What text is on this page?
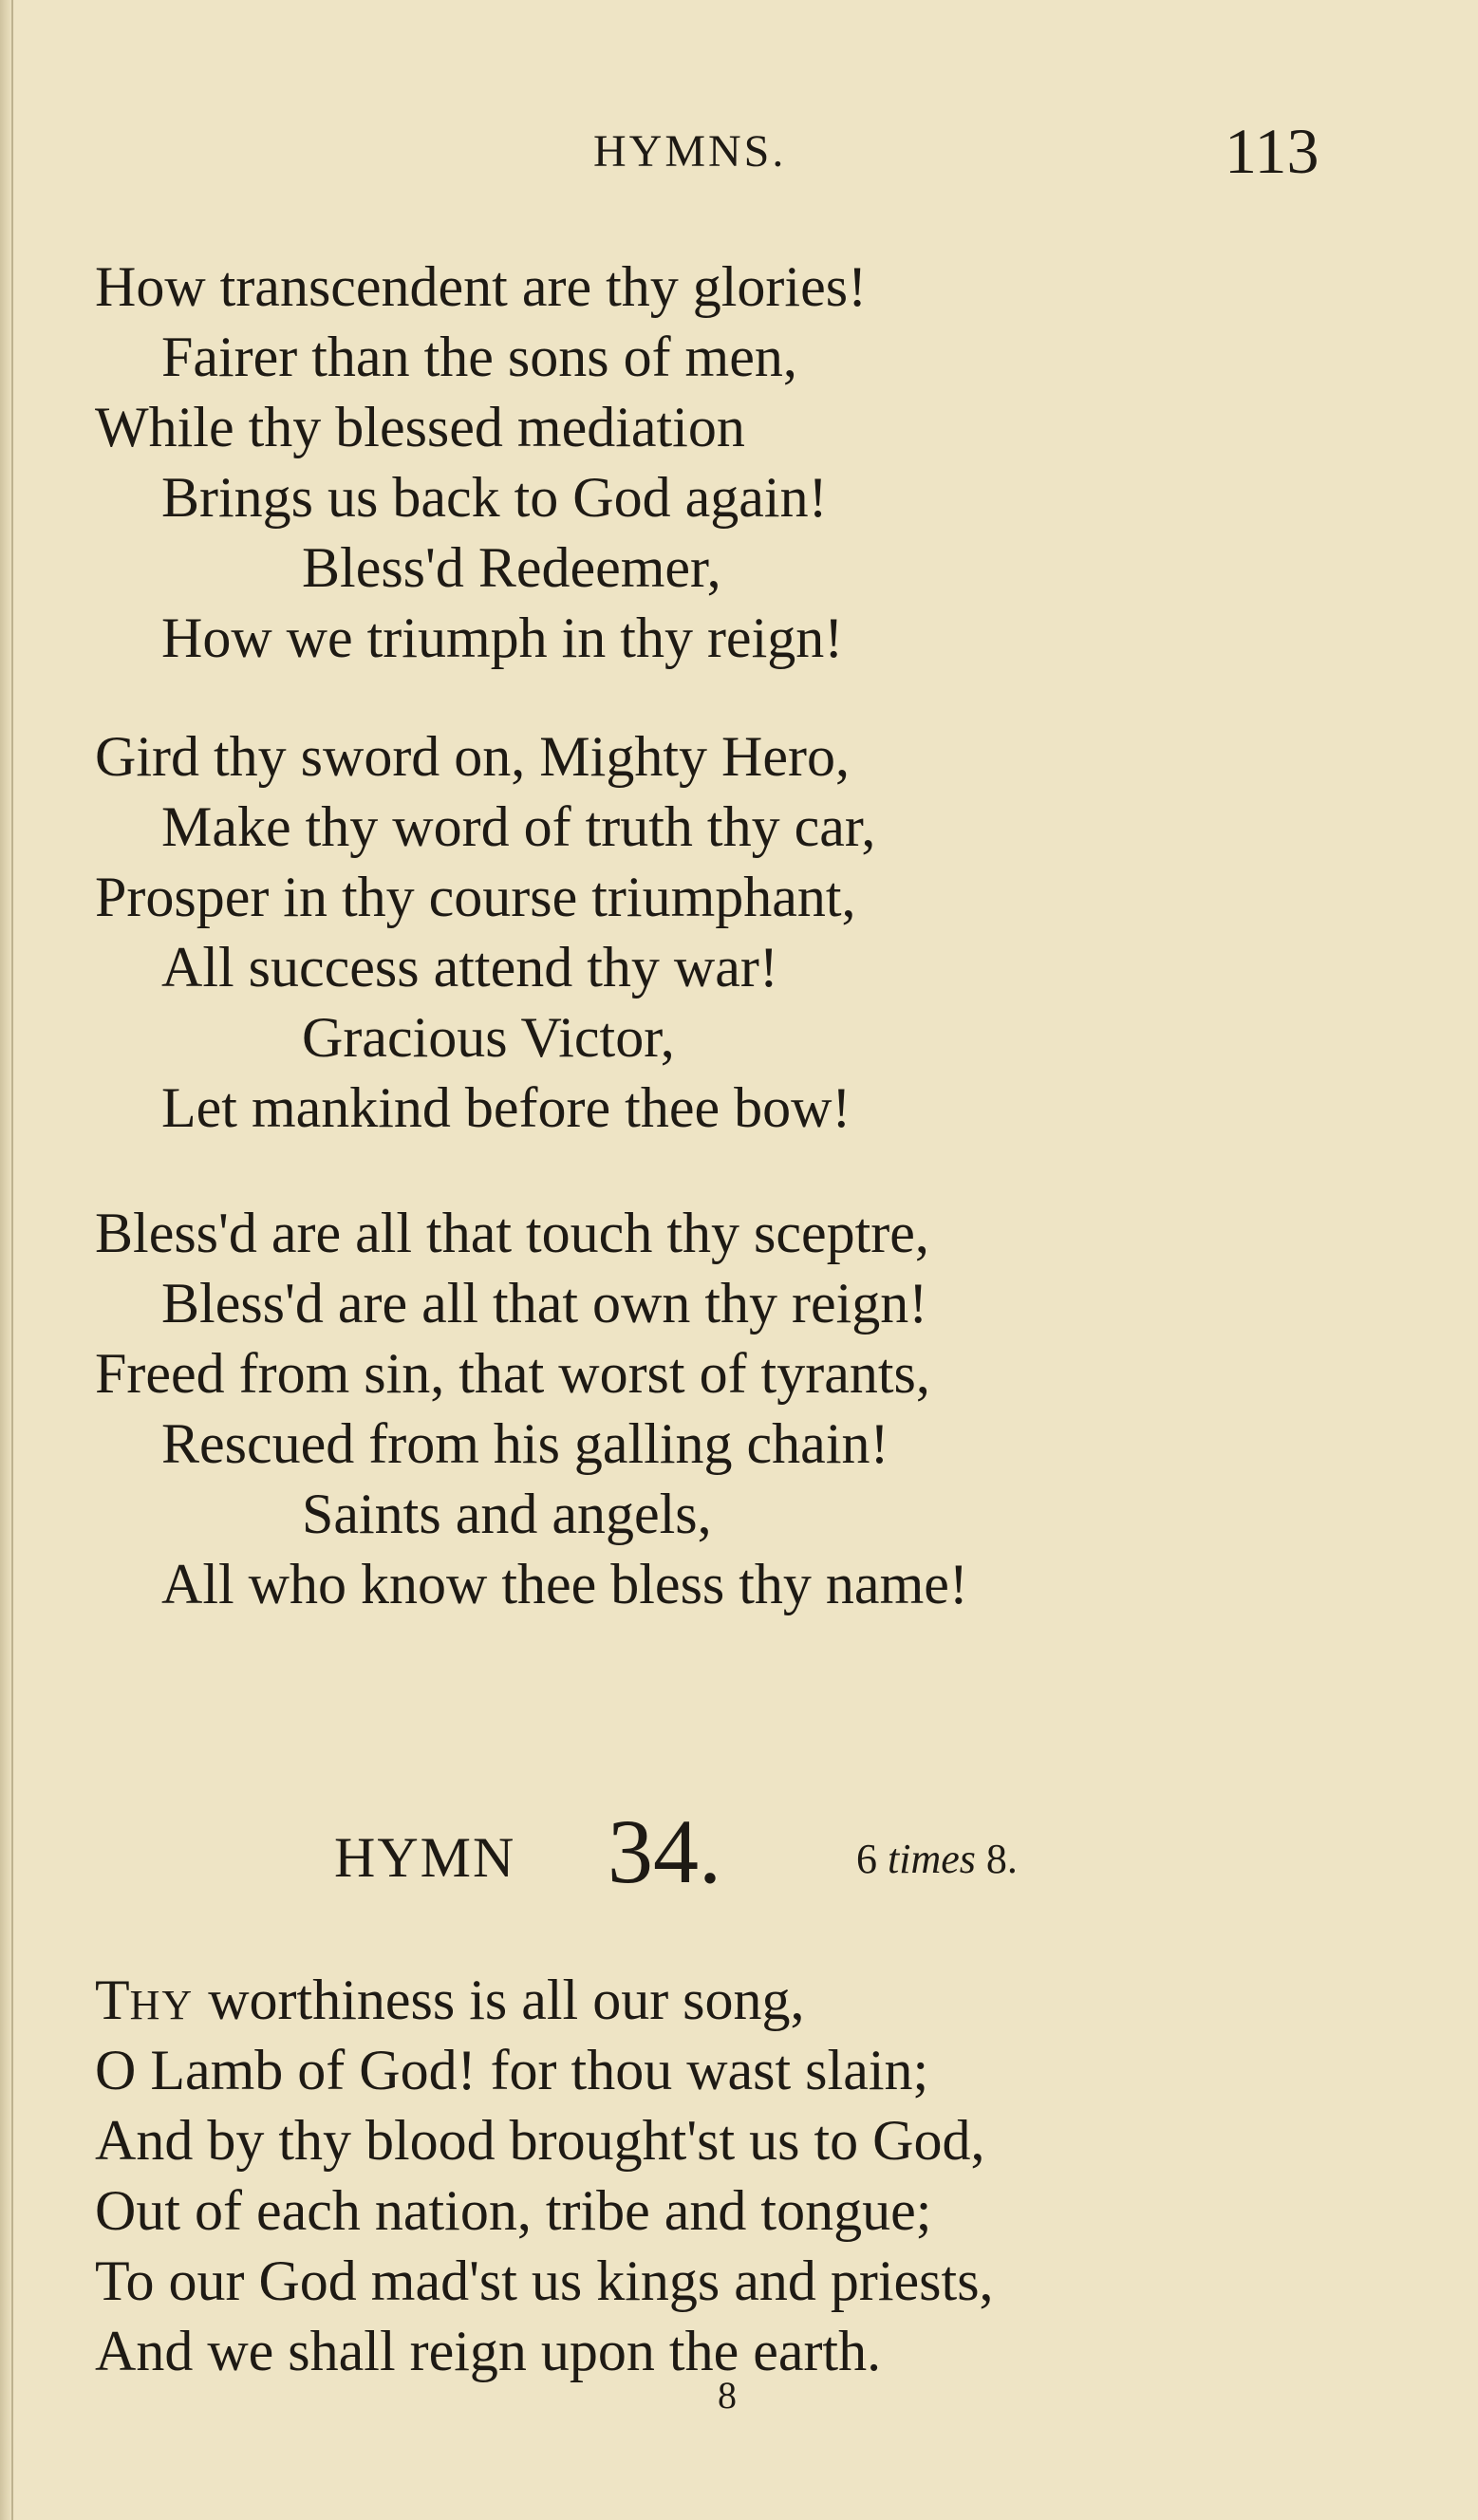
HYMNS.	113
How transcendent are thy glories!
Fairer than the sons of men,
While thy blessed mediation
Brings us back to God again!
Bless'd Redeemer,
How we triumph in thy reign!
Gird thy sword on, Mighty Hero,
Make thy word of truth thy car,
Prosper in thy course triumphant,
All success attend thy war!
Gracious Victor,
Let mankind before thee bow!
Bless'd are all that touch thy sceptre,
Bless'd are all that own thy reign!
Freed from sin, that worst of tyrants,
Rescued from his galling chain!
Saints and angels,
All who know thee bless thy name!
HYMN 34.	6 times 8.
THY worthiness is all our song,
O Lamb of God! for thou wast slain;
And by thy blood brought'st us to God,
Out of each nation, tribe and tongue;
To our God mad'st us kings and priests,
And we shall reign upon the earth.
8
